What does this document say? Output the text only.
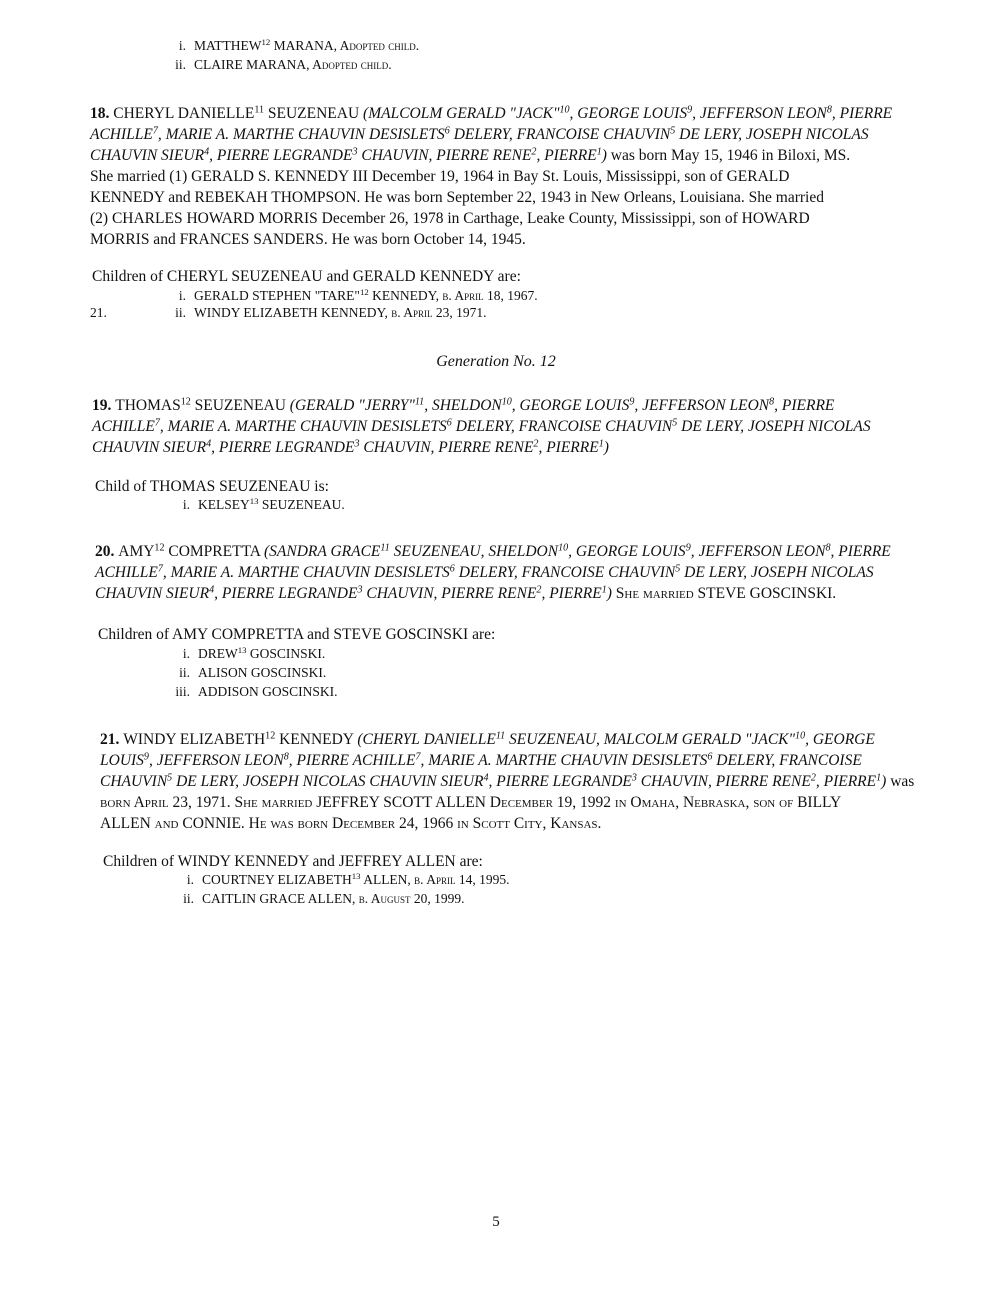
i. MATTHEW$^{12}$ MARANA, Adopted child.
ii. CLAIRE MARANA, Adopted child.
18. CHERYL DANIELLE$^{11}$ SEUZENEAU (MALCOLM GERALD "JACK"$^{10}$, GEORGE LOUIS$^9$, JEFFERSON LEON$^8$, PIERRE
ACHILLE$^7$, MARIE A. MARTHE CHAUVIN DESISLETS$^6$ DELERY, FRANCOISE CHAUVIN$^5$ DE LERY, JOSEPH NICOLAS
CHAUVIN SIEUR$^4$, PIERRE LEGRANDE$^3$ CHAUVIN, PIERRE RENE$^2$, PIERRE$^1$) was born May 15, 1946 in Biloxi, MS.
She married (1) GERALD S. KENNEDY III December 19, 1964 in Bay St. Louis, Mississippi, son of GERALD
KENNEDY and REBEKAH THOMPSON. He was born September 22, 1943 in New Orleans, Louisiana. She married
(2) CHARLES HOWARD MORRIS December 26, 1978 in Carthage, Leake County, Mississippi, son of HOWARD
MORRIS and FRANCES SANDERS. He was born October 14, 1945.
Children of CHERYL SEUZENEAU and GERALD KENNEDY are:
i. GERALD STEPHEN "TARE"$^{12}$ KENNEDY, b. April 18, 1967.
21.	ii. WINDY ELIZABETH KENNEDY, b. April 23, 1971.
Generation No. 12
19. THOMAS$^{12}$ SEUZENEAU (GERALD "JERRY"$^{11}$, SHELDON$^{10}$, GEORGE LOUIS$^9$, JEFFERSON LEON$^8$, PIERRE
ACHILLE$^7$, MARIE A. MARTHE CHAUVIN DESISLETS$^6$ DELERY, FRANCOISE CHAUVIN$^5$ DE LERY, JOSEPH NICOLAS
CHAUVIN SIEUR$^4$, PIERRE LEGRANDE$^3$ CHAUVIN, PIERRE RENE$^2$, PIERRE$^1$)
Child of THOMAS SEUZENEAU is:
i. KELSEY$^{13}$ SEUZENEAU.
20. AMY$^{12}$ COMPRETTA (SANDRA GRACE$^{11}$ SEUZENEAU, SHELDON$^{10}$, GEORGE LOUIS$^9$, JEFFERSON LEON$^8$, PIERRE
ACHILLE$^7$, MARIE A. MARTHE CHAUVIN DESISLETS$^6$ DELERY, FRANCOISE CHAUVIN$^5$ DE LERY, JOSEPH NICOLAS
CHAUVIN SIEUR$^4$, PIERRE LEGRANDE$^3$ CHAUVIN, PIERRE RENE$^2$, PIERRE$^1$) She married STEVE GOSCINSKI.
Children of AMY COMPRETTA and STEVE GOSCINSKI are:
i. DREW$^{13}$ GOSCINSKI.
ii. ALISON GOSCINSKI.
iii. ADDISON GOSCINSKI.
21. WINDY ELIZABETH$^{12}$ KENNEDY (CHERYL DANIELLE$^{11}$ SEUZENEAU, MALCOLM GERALD "JACK"$^{10}$, GEORGE
LOUIS$^9$, JEFFERSON LEON$^8$, PIERRE ACHILLE$^7$, MARIE A. MARTHE CHAUVIN DESISLETS$^6$ DELERY, FRANCOISE
CHAUVIN$^5$ DE LERY, JOSEPH NICOLAS CHAUVIN SIEUR$^4$, PIERRE LEGRANDE$^3$ CHAUVIN, PIERRE RENE$^2$, PIERRE$^1$) was
born April 23, 1971. She married JEFFREY SCOTT ALLEN December 19, 1992 in Omaha, Nebraska, son of BILLY
ALLEN and CONNIE. He was born December 24, 1966 in Scott City, Kansas.
Children of WINDY KENNEDY and JEFFREY ALLEN are:
i. COURTNEY ELIZABETH$^{13}$ ALLEN, b. April 14, 1995.
ii. CAITLIN GRACE ALLEN, b. August 20, 1999.
5
